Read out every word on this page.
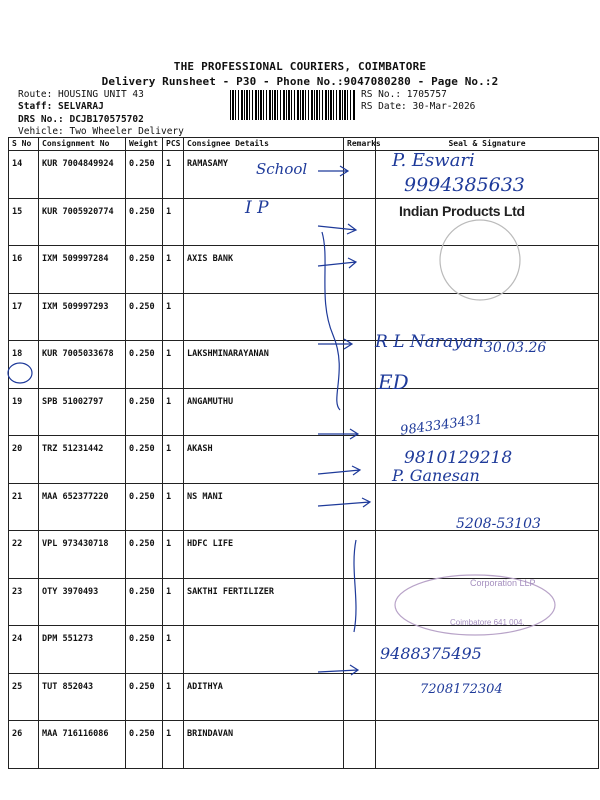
THE PROFESSIONAL COURIERS, COIMBATORE
Delivery Runsheet - P30 - Phone No.:9047080280 - Page No.:2
Route: HOUSING UNIT 43
Staff: SELVARAJ
DRS No.: DCJB170575702
Vehicle: Two Wheeler Delivery
RS No.: 1705757
RS Date: 30-Mar-2026
S No	Consignment No	Weight	PCS	Consignee Details	Remarks	Seal & Signature
14	KUR 7004849924	0.250	1	RAMASAMY		
15	KUR 7005920774	0.250	1			
16	IXM 509997284	0.250	1	AXIS BANK		
17	IXM 509997293	0.250	1			
18	KUR 7005033678	0.250	1	LAKSHMINARAYANAN		
19	SPB 51002797	0.250	1	ANGAMUTHU		
20	TRZ 51231442	0.250	1	AKASH		
21	MAA 652377220	0.250	1	NS MANI		
22	VPL 973430718	0.250	1	HDFC LIFE		
23	OTY 3970493	0.250	1	SAKTHI FERTILIZER		
24	DPM 551273	0.250	1			
25	TUT 852043	0.250	1	ADITHYA		
26	MAA 716116086	0.250	1	BRINDAVAN		
School
I P
P. Eswari
9994385633
Indian Products Ltd
R L Narayan 30.03.26
ED
9843343431
9810129218
P. Ganesan
5208-53103
9488375495
7208172304
Corporation LLP
Coimbatore 641 004.
